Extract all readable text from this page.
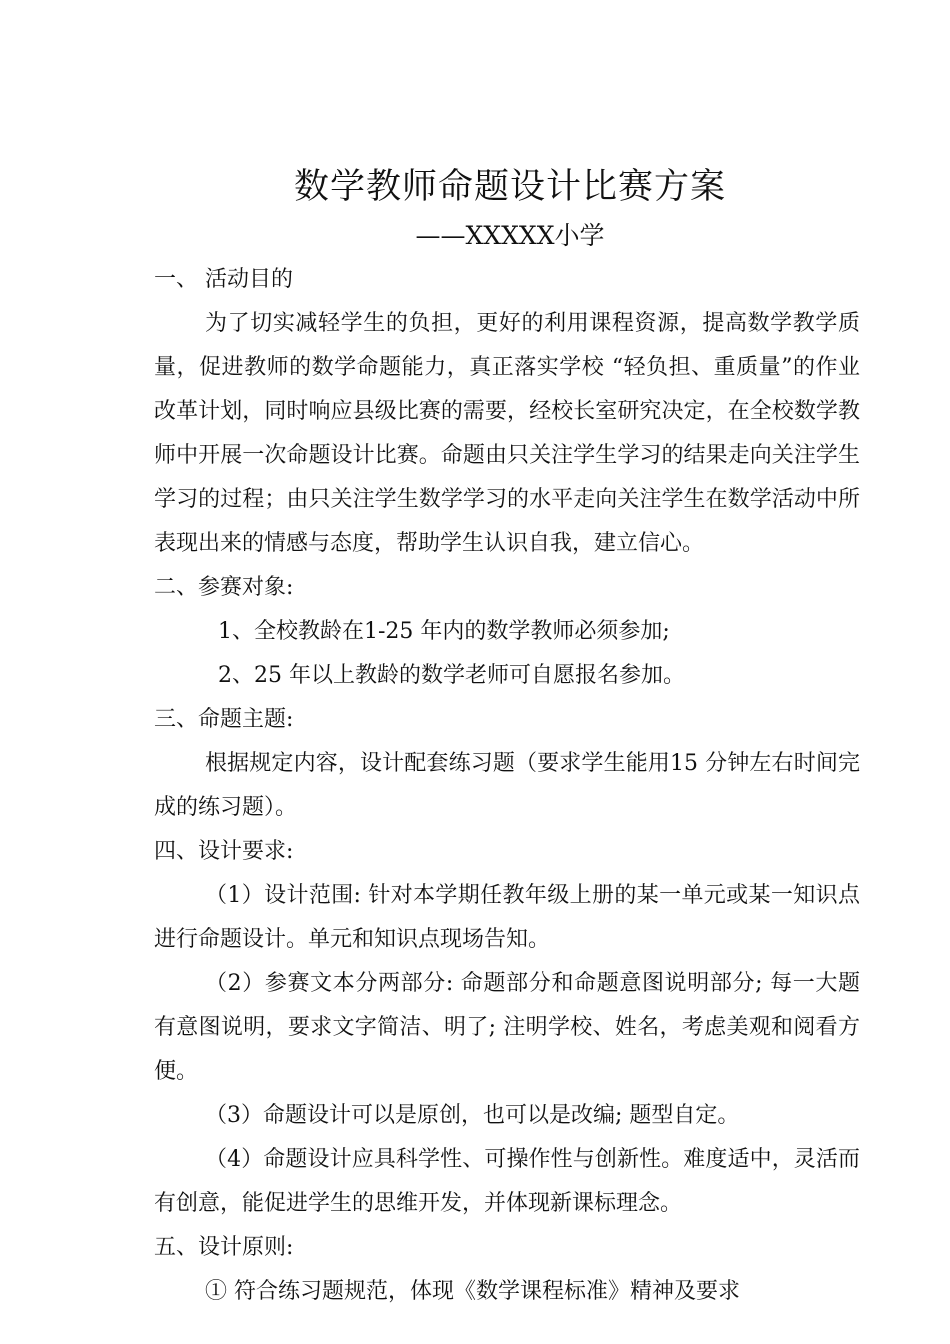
数学教师命题设计比赛方案
——XXXXX小学

一、 活动目的

为了切实减轻学生的负担，更好的利用课程资源，提高数学教学质量，促进教师的数学命题能力，真正落实学校 “轻负担、重质量”的作业改革计划，同时响应县级比赛的需要，经校长室研究决定，在全校数学教师中开展一次命题设计比赛。命题由只关注学生学习的结果走向关注学生学习的过程；由只关注学生数学学习的水平走向关注学生在数学活动中所表现出来的情感与态度，帮助学生认识自我，建立信心。

二、参赛对象:

1、全校教龄在1-25 年内的数学教师必须参加;

2、25 年以上教龄的数学老师可自愿报名参加。

三、命题主题:

根据规定内容，设计配套练习题（要求学生能用15 分钟左右时间完成的练习题）。

四、设计要求:

（1）设计范围: 针对本学期任教年级上册的某一单元或某一知识点进行命题设计。单元和知识点现场告知。

（2）参赛文本分两部分: 命题部分和命题意图说明部分; 每一大题有意图说明，要求文字简洁、明了; 注明学校、姓名，考虑美观和阅看方便。

（3）命题设计可以是原创，也可以是改编; 题型自定。

（4）命题设计应具科学性、可操作性与创新性。难度适中，灵活而有创意，能促进学生的思维开发，并体现新课标理念。

五、设计原则:

① 符合练习题规范，体现《数学课程标准》精神及要求
